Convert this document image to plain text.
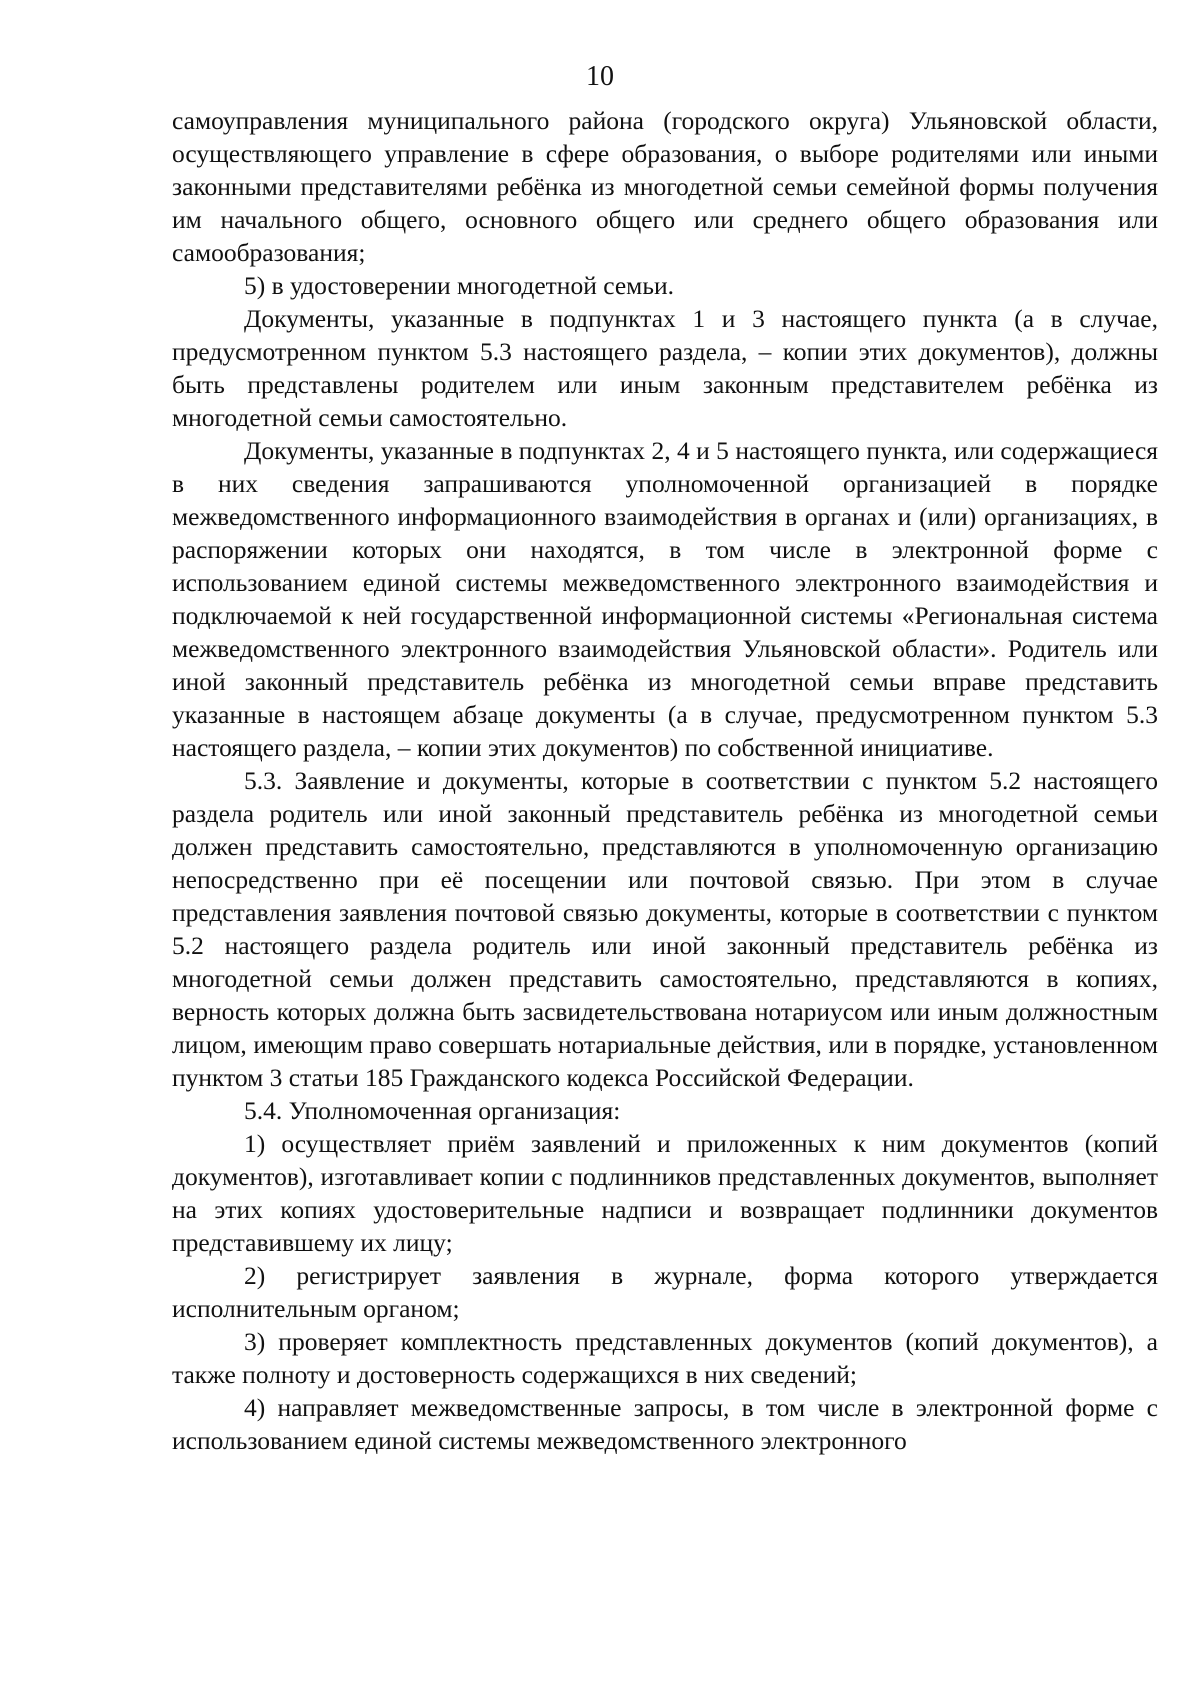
10

самоуправления муниципального района (городского округа) Ульяновской области, осуществляющего управление в сфере образования, о выборе родителями или иными законными представителями ребёнка из многодетной семьи семейной формы получения им начального общего, основного общего или среднего общего образования или самообразования;

5) в удостоверении многодетной семьи.

Документы, указанные в подпунктах 1 и 3 настоящего пункта (а в случае, предусмотренном пунктом 5.3 настоящего раздела, – копии этих документов), должны быть представлены родителем или иным законным представителем ребёнка из многодетной семьи самостоятельно.

Документы, указанные в подпунктах 2, 4 и 5 настоящего пункта, или содержащиеся в них сведения запрашиваются уполномоченной организацией в порядке межведомственного информационного взаимодействия в органах и (или) организациях, в распоряжении которых они находятся, в том числе в электронной форме с использованием единой системы межведомственного электронного взаимодействия и подключаемой к ней государственной информационной системы «Региональная система межведомственного электронного взаимодействия Ульяновской области». Родитель или иной законный представитель ребёнка из многодетной семьи вправе представить указанные в настоящем абзаце документы (а в случае, предусмотренном пунктом 5.3 настоящего раздела, – копии этих документов) по собственной инициативе.

5.3. Заявление и документы, которые в соответствии с пунктом 5.2 настоящего раздела родитель или иной законный представитель ребёнка из многодетной семьи должен представить самостоятельно, представляются в уполномоченную организацию непосредственно при её посещении или почтовой связью. При этом в случае представления заявления почтовой связью документы, которые в соответствии с пунктом 5.2 настоящего раздела родитель или иной законный представитель ребёнка из многодетной семьи должен представить самостоятельно, представляются в копиях, верность которых должна быть засвидетельствована нотариусом или иным должностным лицом, имеющим право совершать нотариальные действия, или в порядке, установленном пунктом 3 статьи 185 Гражданского кодекса Российской Федерации.

5.4. Уполномоченная организация:

1) осуществляет приём заявлений и приложенных к ним документов (копий документов), изготавливает копии с подлинников представленных документов, выполняет на этих копиях удостоверительные надписи и возвращает подлинники документов представившему их лицу;

2) регистрирует заявления в журнале, форма которого утверждается исполнительным органом;

3) проверяет комплектность представленных документов (копий документов), а также полноту и достоверность содержащихся в них сведений;

4) направляет межведомственные запросы, в том числе в электронной форме с использованием единой системы межведомственного электронного
